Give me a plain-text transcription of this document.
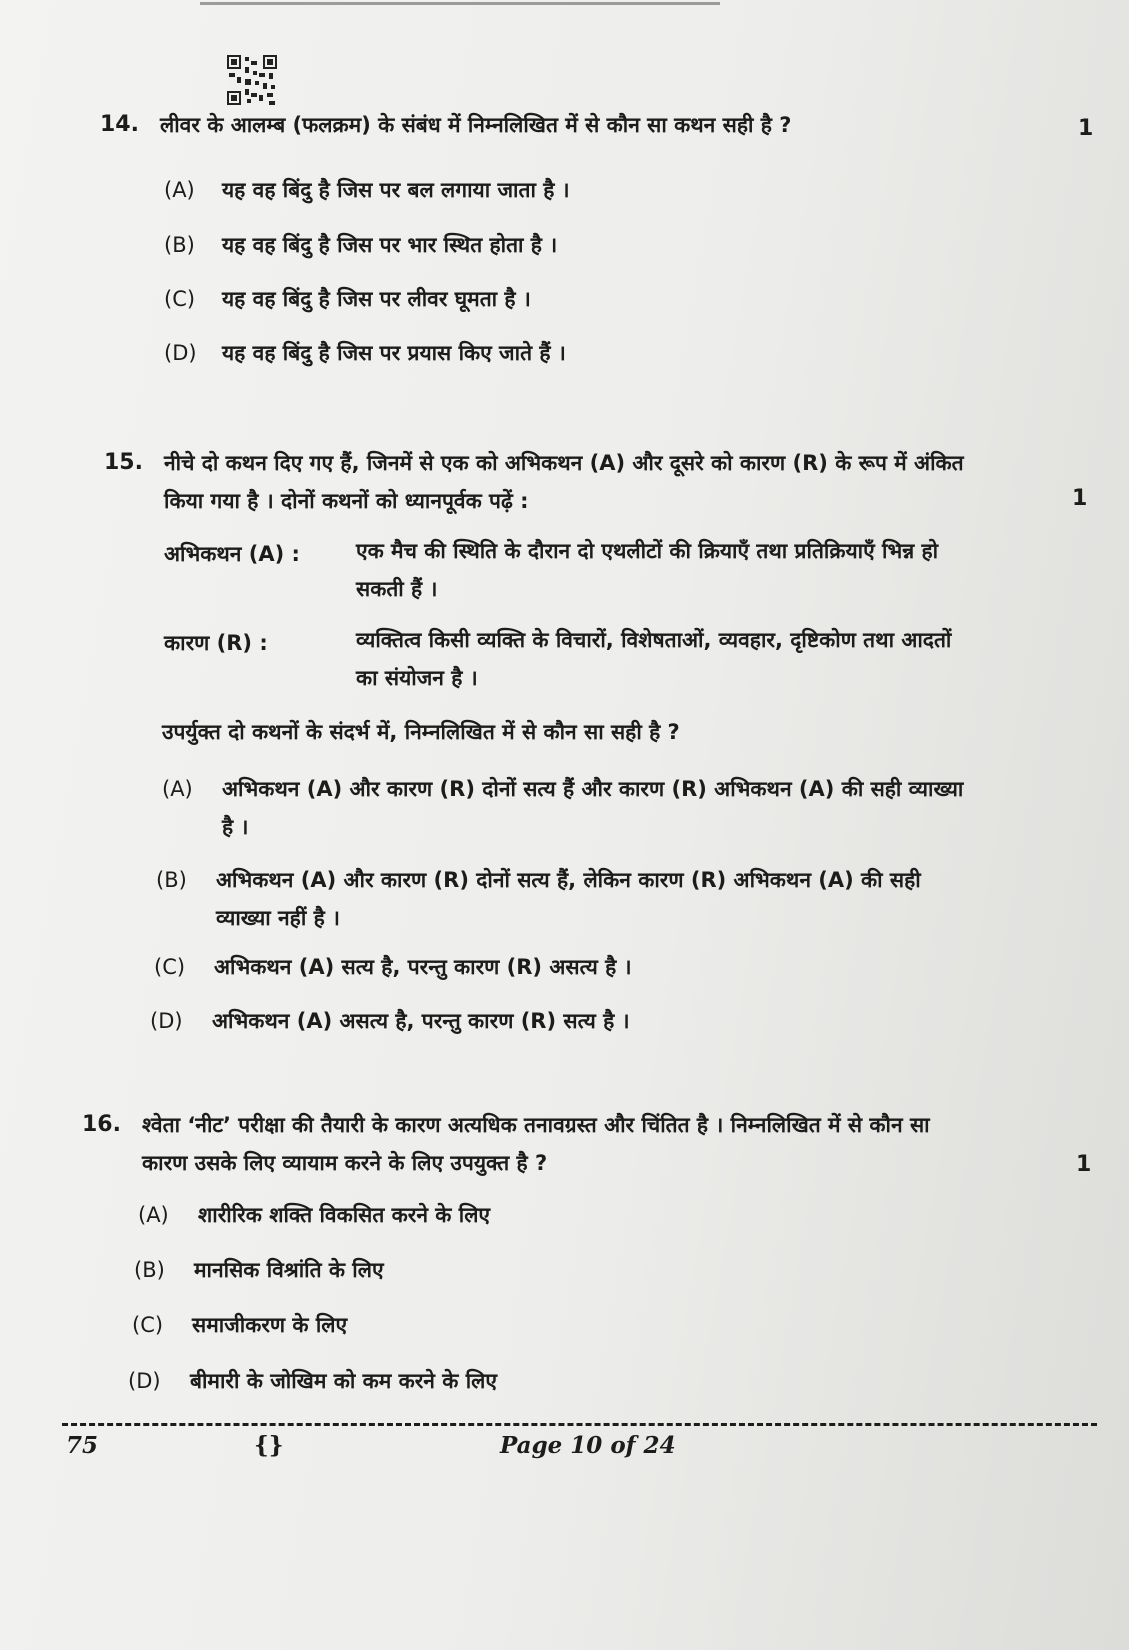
14. लीवर के आलम्ब (फलक्रम) के संबंध में निम्नलिखित में से कौन सा कथन सही है ?	1
(A) यह वह बिंदु है जिस पर बल लगाया जाता है ।
(B) यह वह बिंदु है जिस पर भार स्थित होता है ।
(C) यह वह बिंदु है जिस पर लीवर घूमता है ।
(D) यह वह बिंदु है जिस पर प्रयास किए जाते हैं ।
15. नीचे दो कथन दिए गए हैं, जिनमें से एक को अभिकथन (A) और दूसरे को कारण (R) के रूप में अंकित
किया गया है । दोनों कथनों को ध्यानपूर्वक पढ़ें :	1
अभिकथन (A) :	एक मैच की स्थिति के दौरान दो एथलीटों की क्रियाएँ तथा प्रतिक्रियाएँ भिन्न हो
सकती हैं ।
कारण (R) :	व्यक्तित्व किसी व्यक्ति के विचारों, विशेषताओं, व्यवहार, दृष्टिकोण तथा आदतों
का संयोजन है ।
उपर्युक्त दो कथनों के संदर्भ में, निम्नलिखित में से कौन सा सही है ?
(A) अभिकथन (A) और कारण (R) दोनों सत्य हैं और कारण (R) अभिकथन (A) की सही व्याख्या
है ।
(B) अभिकथन (A) और कारण (R) दोनों सत्य हैं, लेकिन कारण (R) अभिकथन (A) की सही
व्याख्या नहीं है ।
(C) अभिकथन (A) सत्य है, परन्तु कारण (R) असत्य है ।
(D) अभिकथन (A) असत्य है, परन्तु कारण (R) सत्य है ।
16. श्वेता ‘नीट’ परीक्षा की तैयारी के कारण अत्यधिक तनावग्रस्त और चिंतित है । निम्नलिखित में से कौन सा
कारण उसके लिए व्यायाम करने के लिए उपयुक्त है ?	1
(A) शारीरिक शक्ति विकसित करने के लिए
(B) मानसिक विश्रांति के लिए
(C) समाजीकरण के लिए
(D) बीमारी के जोखिम को कम करने के लिए
75	{}	Page 10 of 24
